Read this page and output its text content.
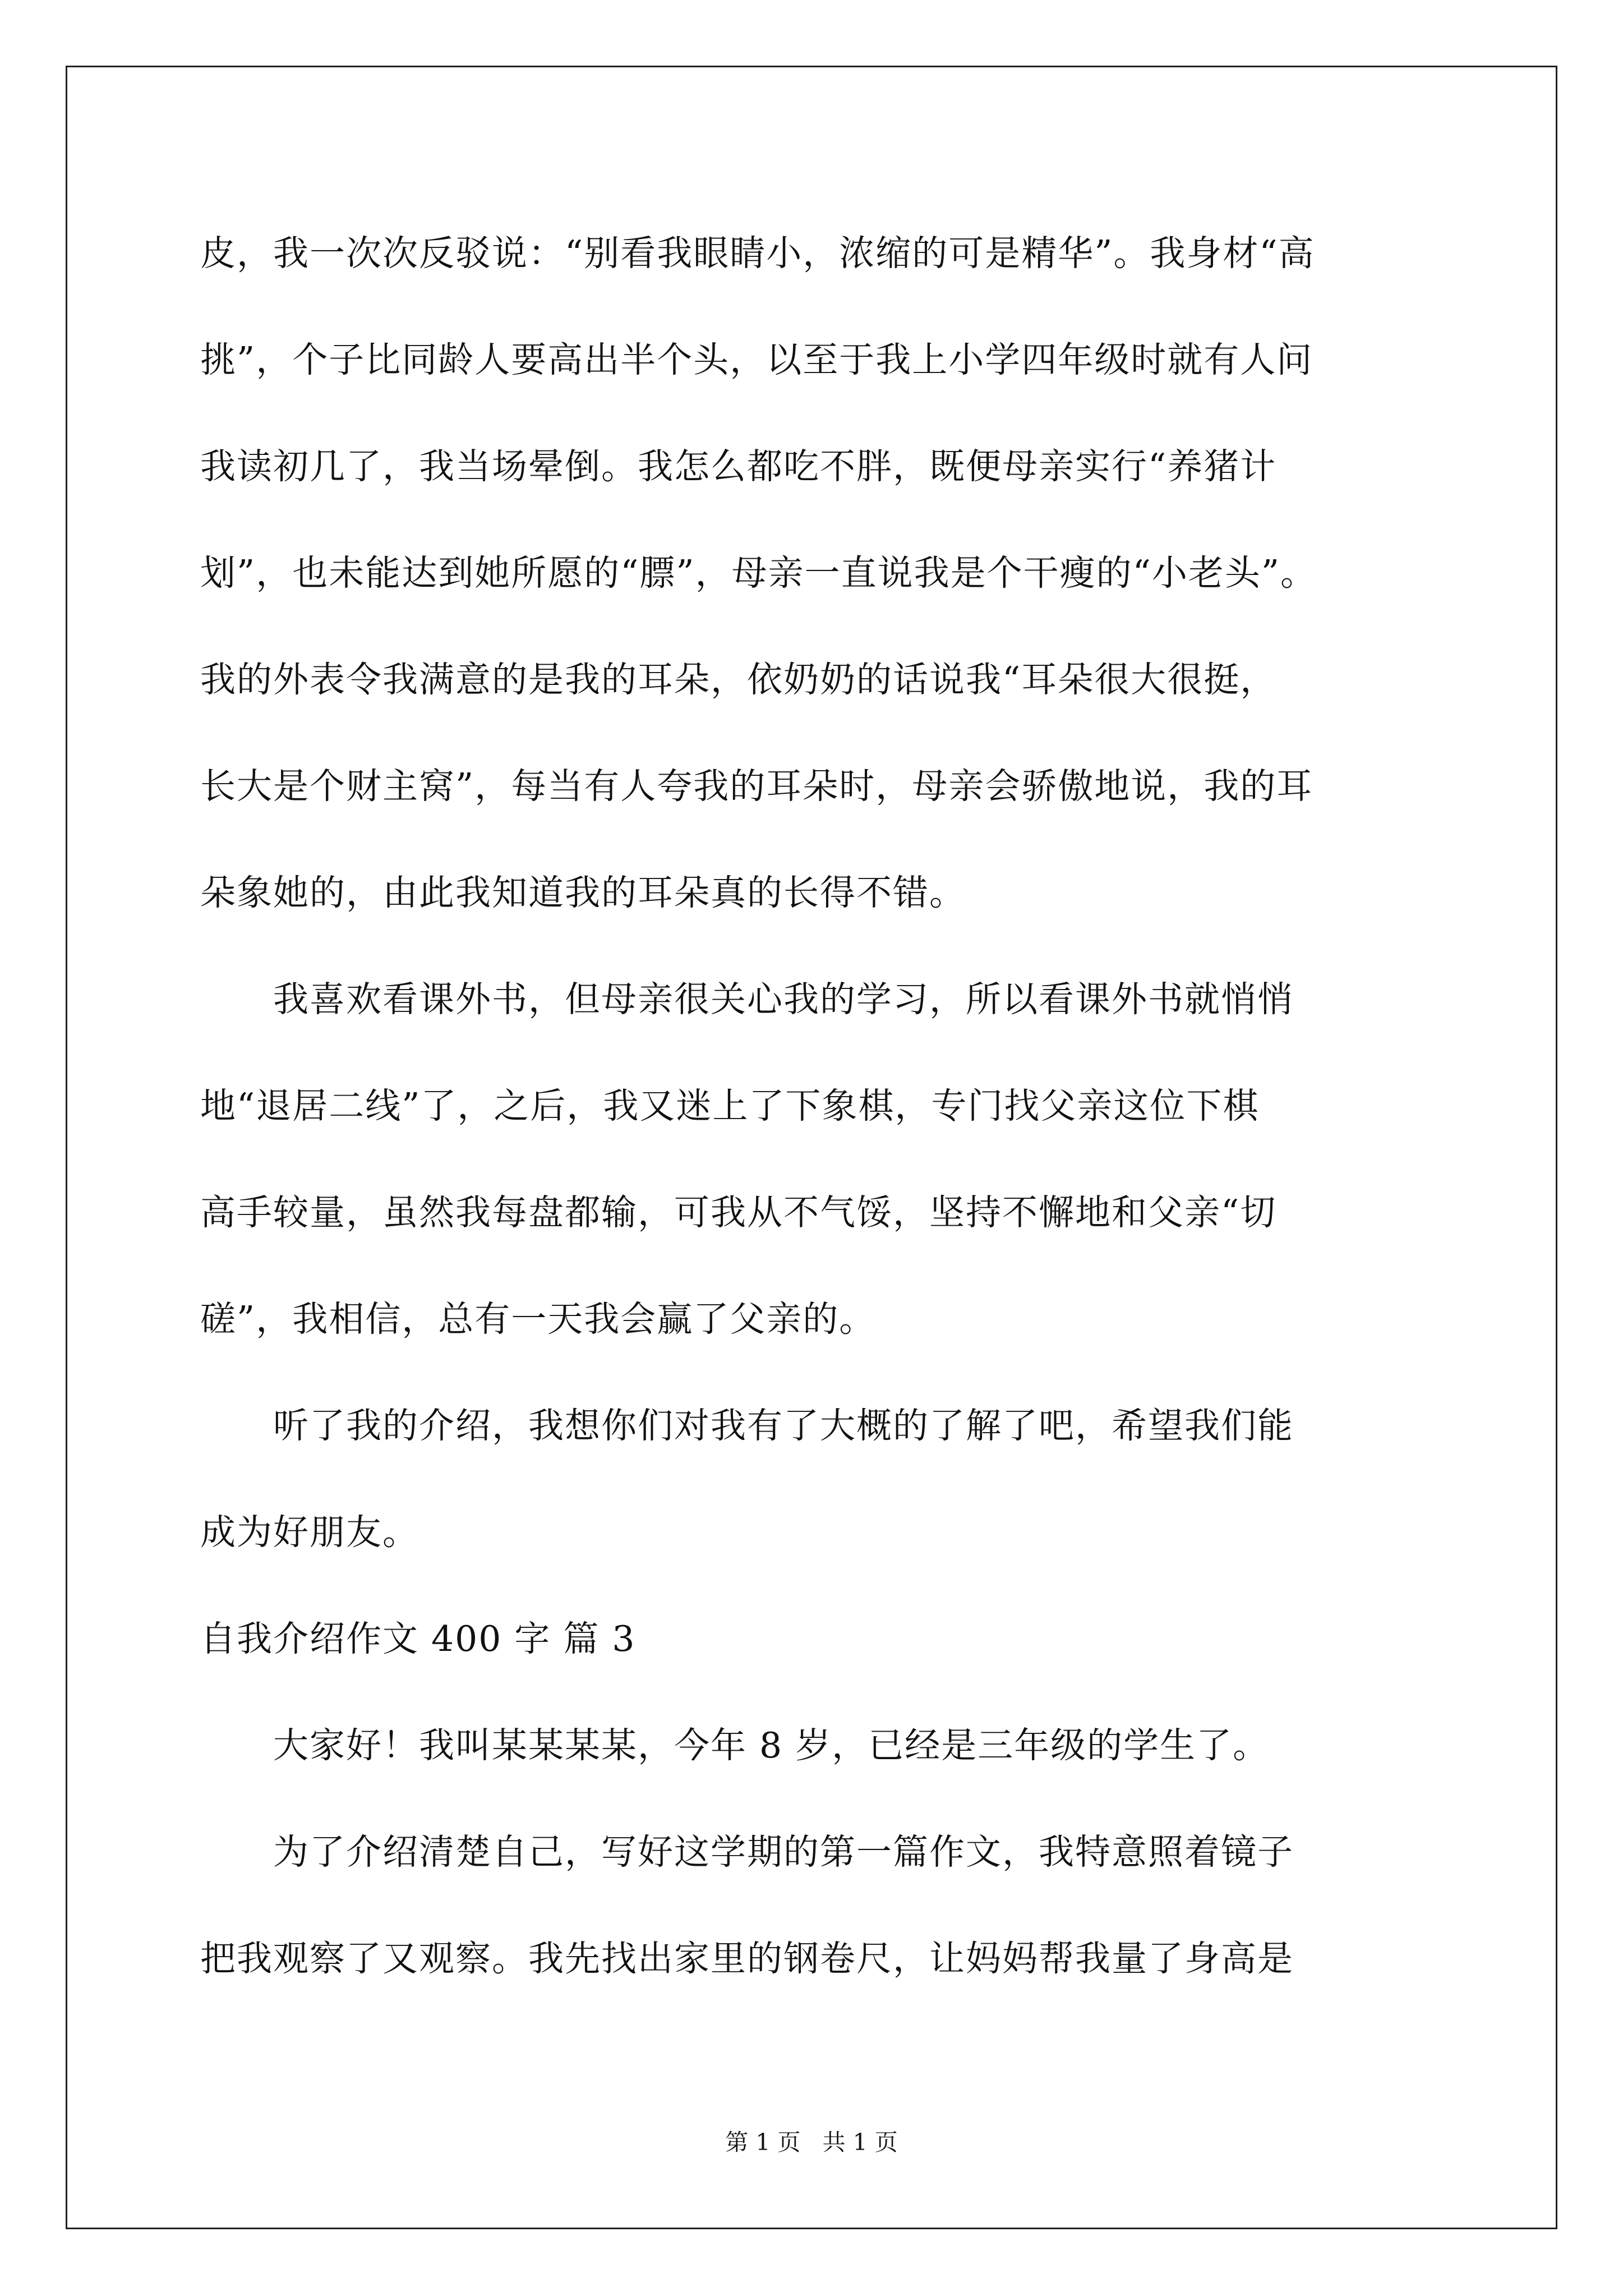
皮，我一次次反驳说：“别看我眼睛小，浓缩的可是精华”。我身材“高
挑”，个子比同龄人要高出半个头，以至于我上小学四年级时就有人问
我读初几了，我当场晕倒。我怎么都吃不胖，既便母亲实行“养猪计
划”，也未能达到她所愿的“膘”，母亲一直说我是个干瘦的“小老头”。
我的外表令我满意的是我的耳朵，依奶奶的话说我“耳朵很大很挺，
长大是个财主窝”，每当有人夸我的耳朵时，母亲会骄傲地说，我的耳
朵象她的，由此我知道我的耳朵真的长得不错。
　　我喜欢看课外书，但母亲很关心我的学习，所以看课外书就悄悄
地“退居二线”了，之后，我又迷上了下象棋，专门找父亲这位下棋
高手较量，虽然我每盘都输，可我从不气馁，坚持不懈地和父亲“切
磋”，我相信，总有一天我会赢了父亲的。
　　听了我的介绍，我想你们对我有了大概的了解了吧，希望我们能
成为好朋友。
自我介绍作文 400 字 篇 3
　　大家好！我叫某某某某，今年 8 岁，已经是三年级的学生了。
　　为了介绍清楚自己，写好这学期的第一篇作文，我特意照着镜子
把我观察了又观察。我先找出家里的钢卷尺，让妈妈帮我量了身高是
第 1 页   共 1 页
